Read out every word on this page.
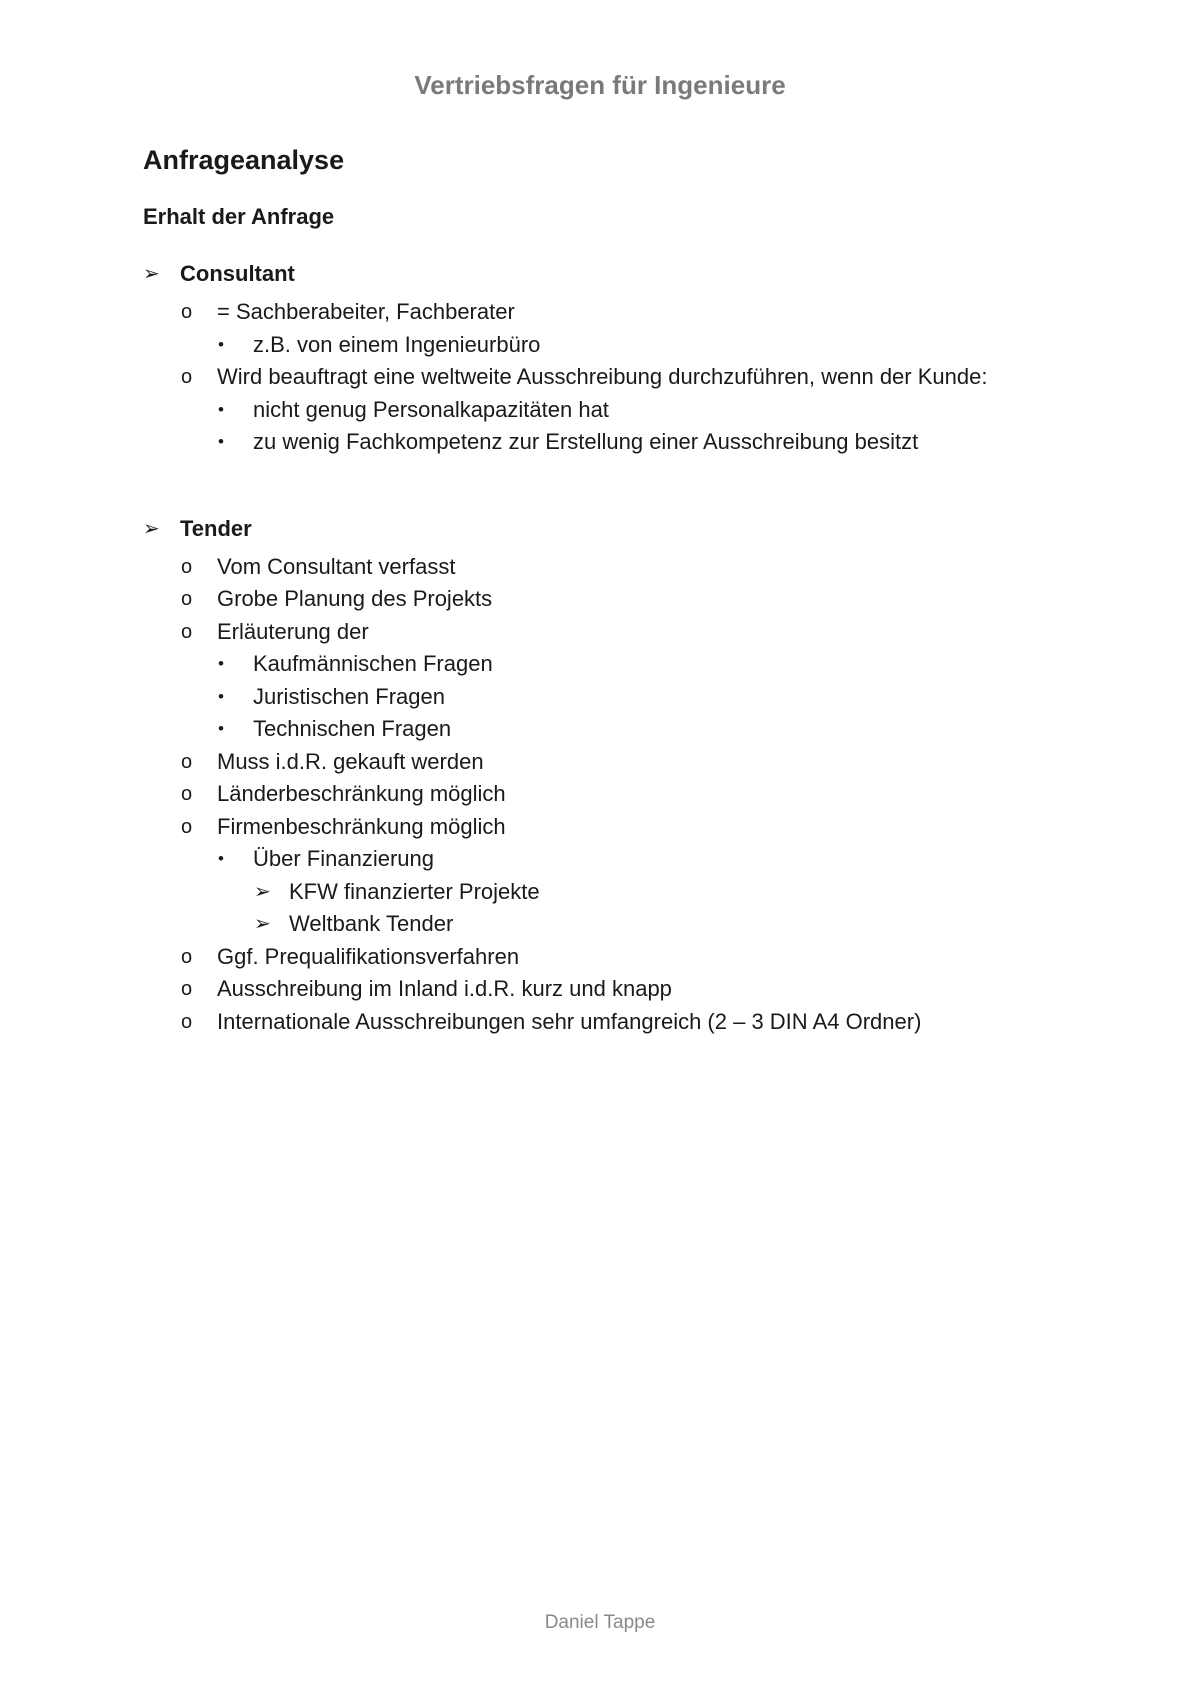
Vertriebsfragen für Ingenieure
Anfrageanalyse
Erhalt der Anfrage
➢ Consultant
o = Sachberabeiter, Fachberater
• z.B. von einem Ingenieurbüro
o Wird beauftragt eine weltweite Ausschreibung durchzuführen, wenn der Kunde:
• nicht genug Personalkapazitäten hat
• zu wenig Fachkompetenz zur Erstellung einer Ausschreibung besitzt
➢ Tender
o Vom Consultant verfasst
o Grobe Planung des Projekts
o Erläuterung der
• Kaufmännischen Fragen
• Juristischen Fragen
• Technischen Fragen
o Muss i.d.R. gekauft werden
o Länderbeschränkung möglich
o Firmenbeschränkung möglich
• Über Finanzierung
➢ KFW finanzierter Projekte
➢ Weltbank Tender
o Ggf. Prequalifikationsverfahren
o Ausschreibung im Inland i.d.R. kurz und knapp
o Internationale Ausschreibungen sehr umfangreich (2 – 3 DIN A4 Ordner)
Daniel Tappe
